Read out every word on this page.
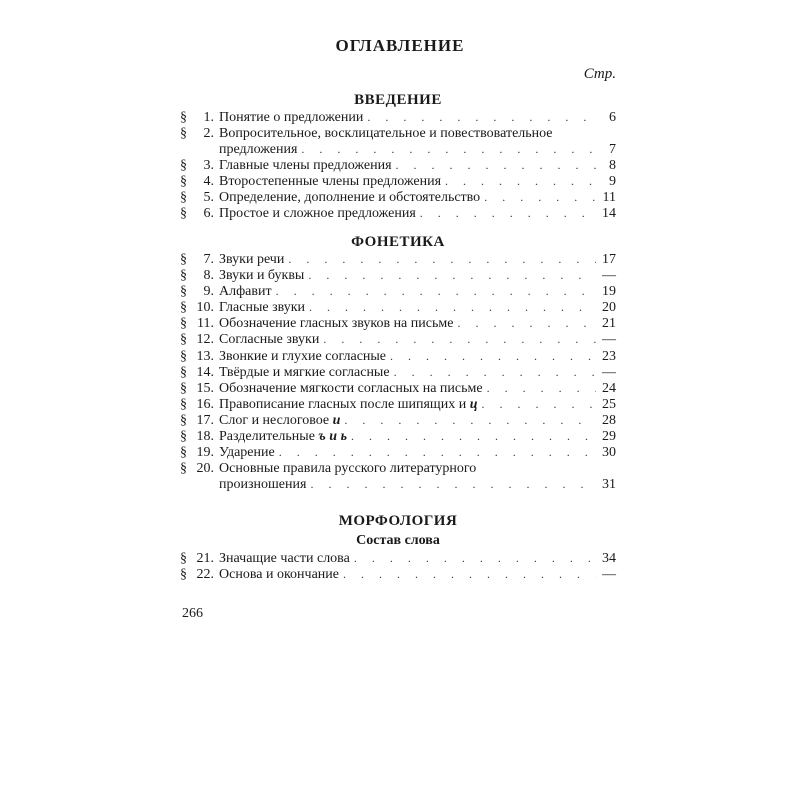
ОГЛАВЛЕНИЕ
Стр.
ВВЕДЕНИЕ
§	1. Понятие о предложении . . .	6
§	2. Вопросительное, восклицательное и повествовательное
предложения . . .	7
§	3. Главные члены предложения . . .	8
§	4. Второстепенные члены предложения . . .	9
§	5. Определение, дополнение и обстоятельство . . .	11
§	6. Простое и сложное предложения . . .	14
ФОНЕТИКА
§	7. Звуки речи . . .	17
§	8. Звуки и буквы . . .	—
§	9. Алфавит . . .	19
§ 10. Гласные звуки . . .	20
§ 11. Обозначение гласных звуков на письме . . .	21
§ 12. Согласные звуки . . .	—
§ 13. Звонкие и глухие согласные . . .	23
§ 14. Твёрдые и мягкие согласные . . .	—
§ 15. Обозначение мягкости согласных на письме . . .	24
§ 16. Правописание гласных после шипящих и ц . . .	25
§ 17. Слог и неслоговое и . . .	28
§ 18. Разделительные ъ и ь . . .	29
§ 19. Ударение . . .	30
§ 20. Основные правила русского литературного
произношения . . .	31
МОРФОЛОГИЯ
Состав слова
§ 21. Значащие части слова . . .	34
§ 22. Основа и окончание . . .	—
266
